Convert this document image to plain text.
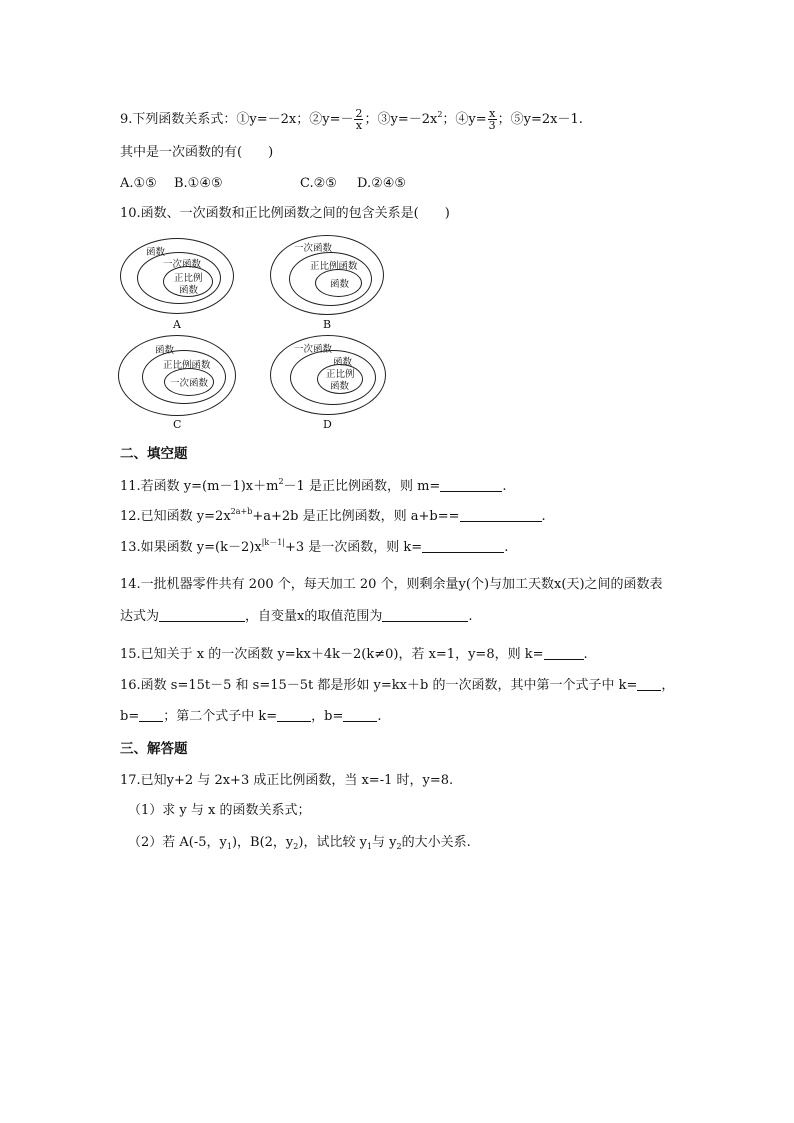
9.下列函数关系式：①y=－2x；②y=－ $\frac{2}{x}$ ；$③y=-2x^2$；④y= $\frac{x}{3}$ ；⑤y=2x－1.
其中是一次函数的有(　　)
A.①⑤ B.①④⑤	C.②⑤ D.②④⑤
10.函数、一次函数和正比例函数之间的包含关系是(　　)
函数
一次函数
正比例
函数
A
一次函数
正比例函数
函数
B
函数
正比例函数
一次函数
C
一次函数
函数
正比例
函数
D
二、填空题
11.若函数 $y=(m-1)x+m^2-1$ 是正比例函数，则 m=	.
12.已知函数 $y=2x^{2a+b}+a+2b$ 是正比例函数，则 a+b==	.
13.如果函数 $y=(k-2)x^{|k-1|}+3$ 是一次函数，则 k=	.
14.一批机器零件共有 200 个，每天加工 20 个，则剩余量y(个)与加工天数x(天)之间的函数表
达式为	，自变量x的取值范围为	.
15.已知关于 x 的一次函数 y=kx＋4k－2(k≠0)，若 x=1，y=8，则 k=	.
16.函数 s=15t－5 和 s=15－5t 都是形如 y=kx＋b 的一次函数，其中第一个式子中 k= ，
b= ；第二个式子中 k=	，b=	.
三、解答题
17.已知y+2 与 2x+3 成正比例函数，当 x=-1 时，y=8.
（1）求 y 与 x 的函数关系式；
（2）若 A(-5，$y_1$)，B(2，$y_2$)，试比较 $y_1$与 $y_2$的大小关系.
